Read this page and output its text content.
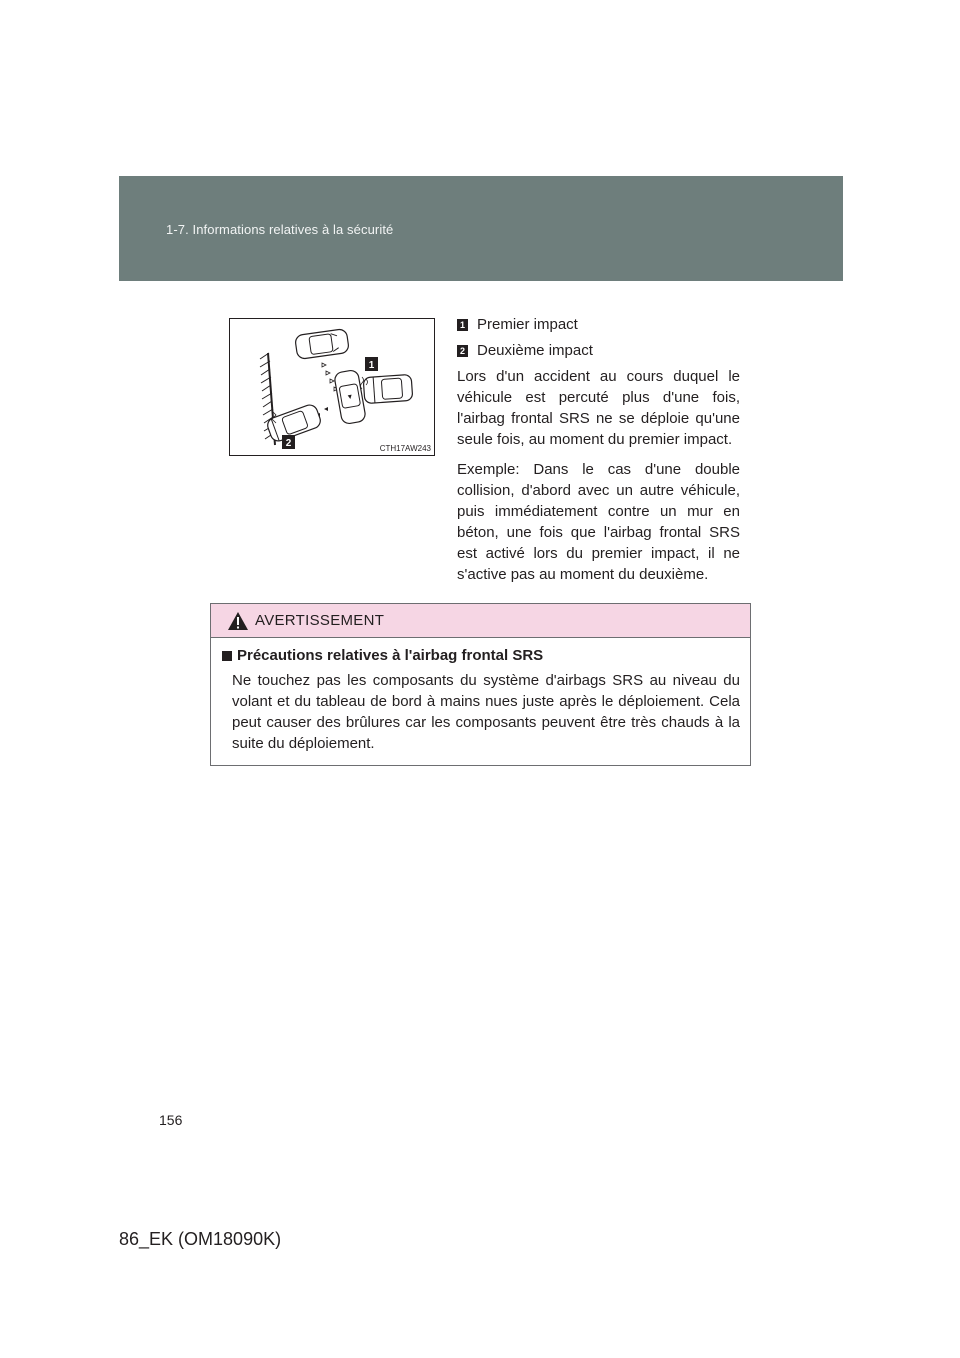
1-7. Informations relatives à la sécurité
1
2	CTH17AW243
1 Premier impact
2 Deuxième impact

Lors d'un accident au cours duquel le véhicule est percuté plus d'une fois, l'airbag frontal SRS ne se déploie qu'une seule fois, au moment du premier impact.

Exemple: Dans le cas d'une double collision, d'abord avec un autre véhicule, puis immédiatement contre un mur en béton, une fois que l'airbag frontal SRS est activé lors du premier impact, il ne s'active pas au moment du deuxième.

AVERTISSEMENT
Précautions relatives à l'airbag frontal SRS
Ne touchez pas les composants du système d'airbags SRS au niveau du volant et du tableau de bord à mains nues juste après le déploiement. Cela peut causer des brûlures car les composants peuvent être très chauds à la suite du déploiement.
156
86_EK (OM18090K)
